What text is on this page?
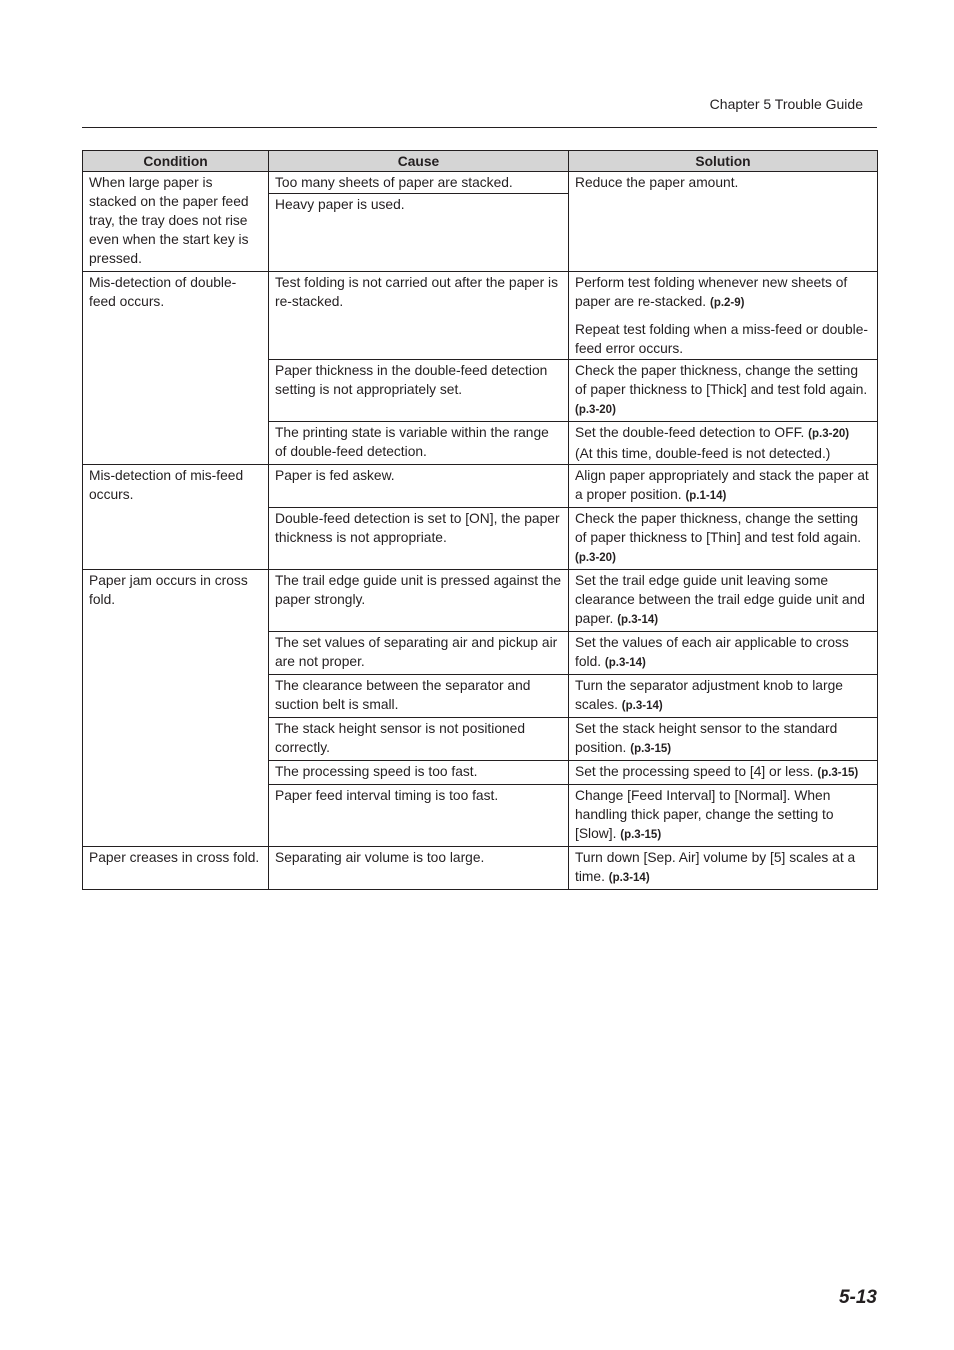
Chapter 5 Trouble Guide
Condition	Cause	Solution
When large paper is stacked on the paper feed tray, the tray does not rise even when the start key is pressed.	Too many sheets of paper are stacked.	Reduce the paper amount.
	Heavy paper is used.	
Mis-detection of double-feed occurs.	Test folding is not carried out after the paper is re-stacked.	Perform test folding whenever new sheets of paper are re-stacked. (p.2-9)
Repeat test folding when a miss-feed or double-feed error occurs.

	Paper thickness in the double-feed detection setting is not appropriately set.	Check the paper thickness, change the setting of paper thickness to [Thick] and test fold again. (p.3-20)
	The printing state is variable within the range of double-feed detection.	Set the double-feed detection to OFF. (p.3-20)
(At this time, double-feed is not detected.)
Mis-detection of mis-feed occurs.	Paper is fed askew.	Align paper appropriately and stack the paper at a proper position. (p.1-14)
	Double-feed detection is set to [ON], the paper thickness is not appropriate.	Check the paper thickness, change the setting of paper thickness to [Thin] and test fold again. (p.3-20)
Paper jam occurs in cross fold.	The trail edge guide unit is pressed against the paper strongly.	Set the trail edge guide unit leaving some clearance between the trail edge guide unit and paper. (p.3-14)
	The set values of separating air and pickup air are not proper.	Set the values of each air applicable to cross fold. (p.3-14)
	The clearance between the separator and suction belt is small.	Turn the separator adjustment knob to large scales. (p.3-14)
	The stack height sensor is not positioned correctly.	Set the stack height sensor to the standard position. (p.3-15)
	The processing speed is too fast.	Set the processing speed to [4] or less. (p.3-15)
	Paper feed interval timing is too fast.	Change [Feed Interval] to [Normal]. When handling thick paper, change the setting to [Slow]. (p.3-15)
Paper creases in cross fold.	Separating air volume is too large.	Turn down [Sep. Air] volume by [5] scales at a time. (p.3-14)
5-13
